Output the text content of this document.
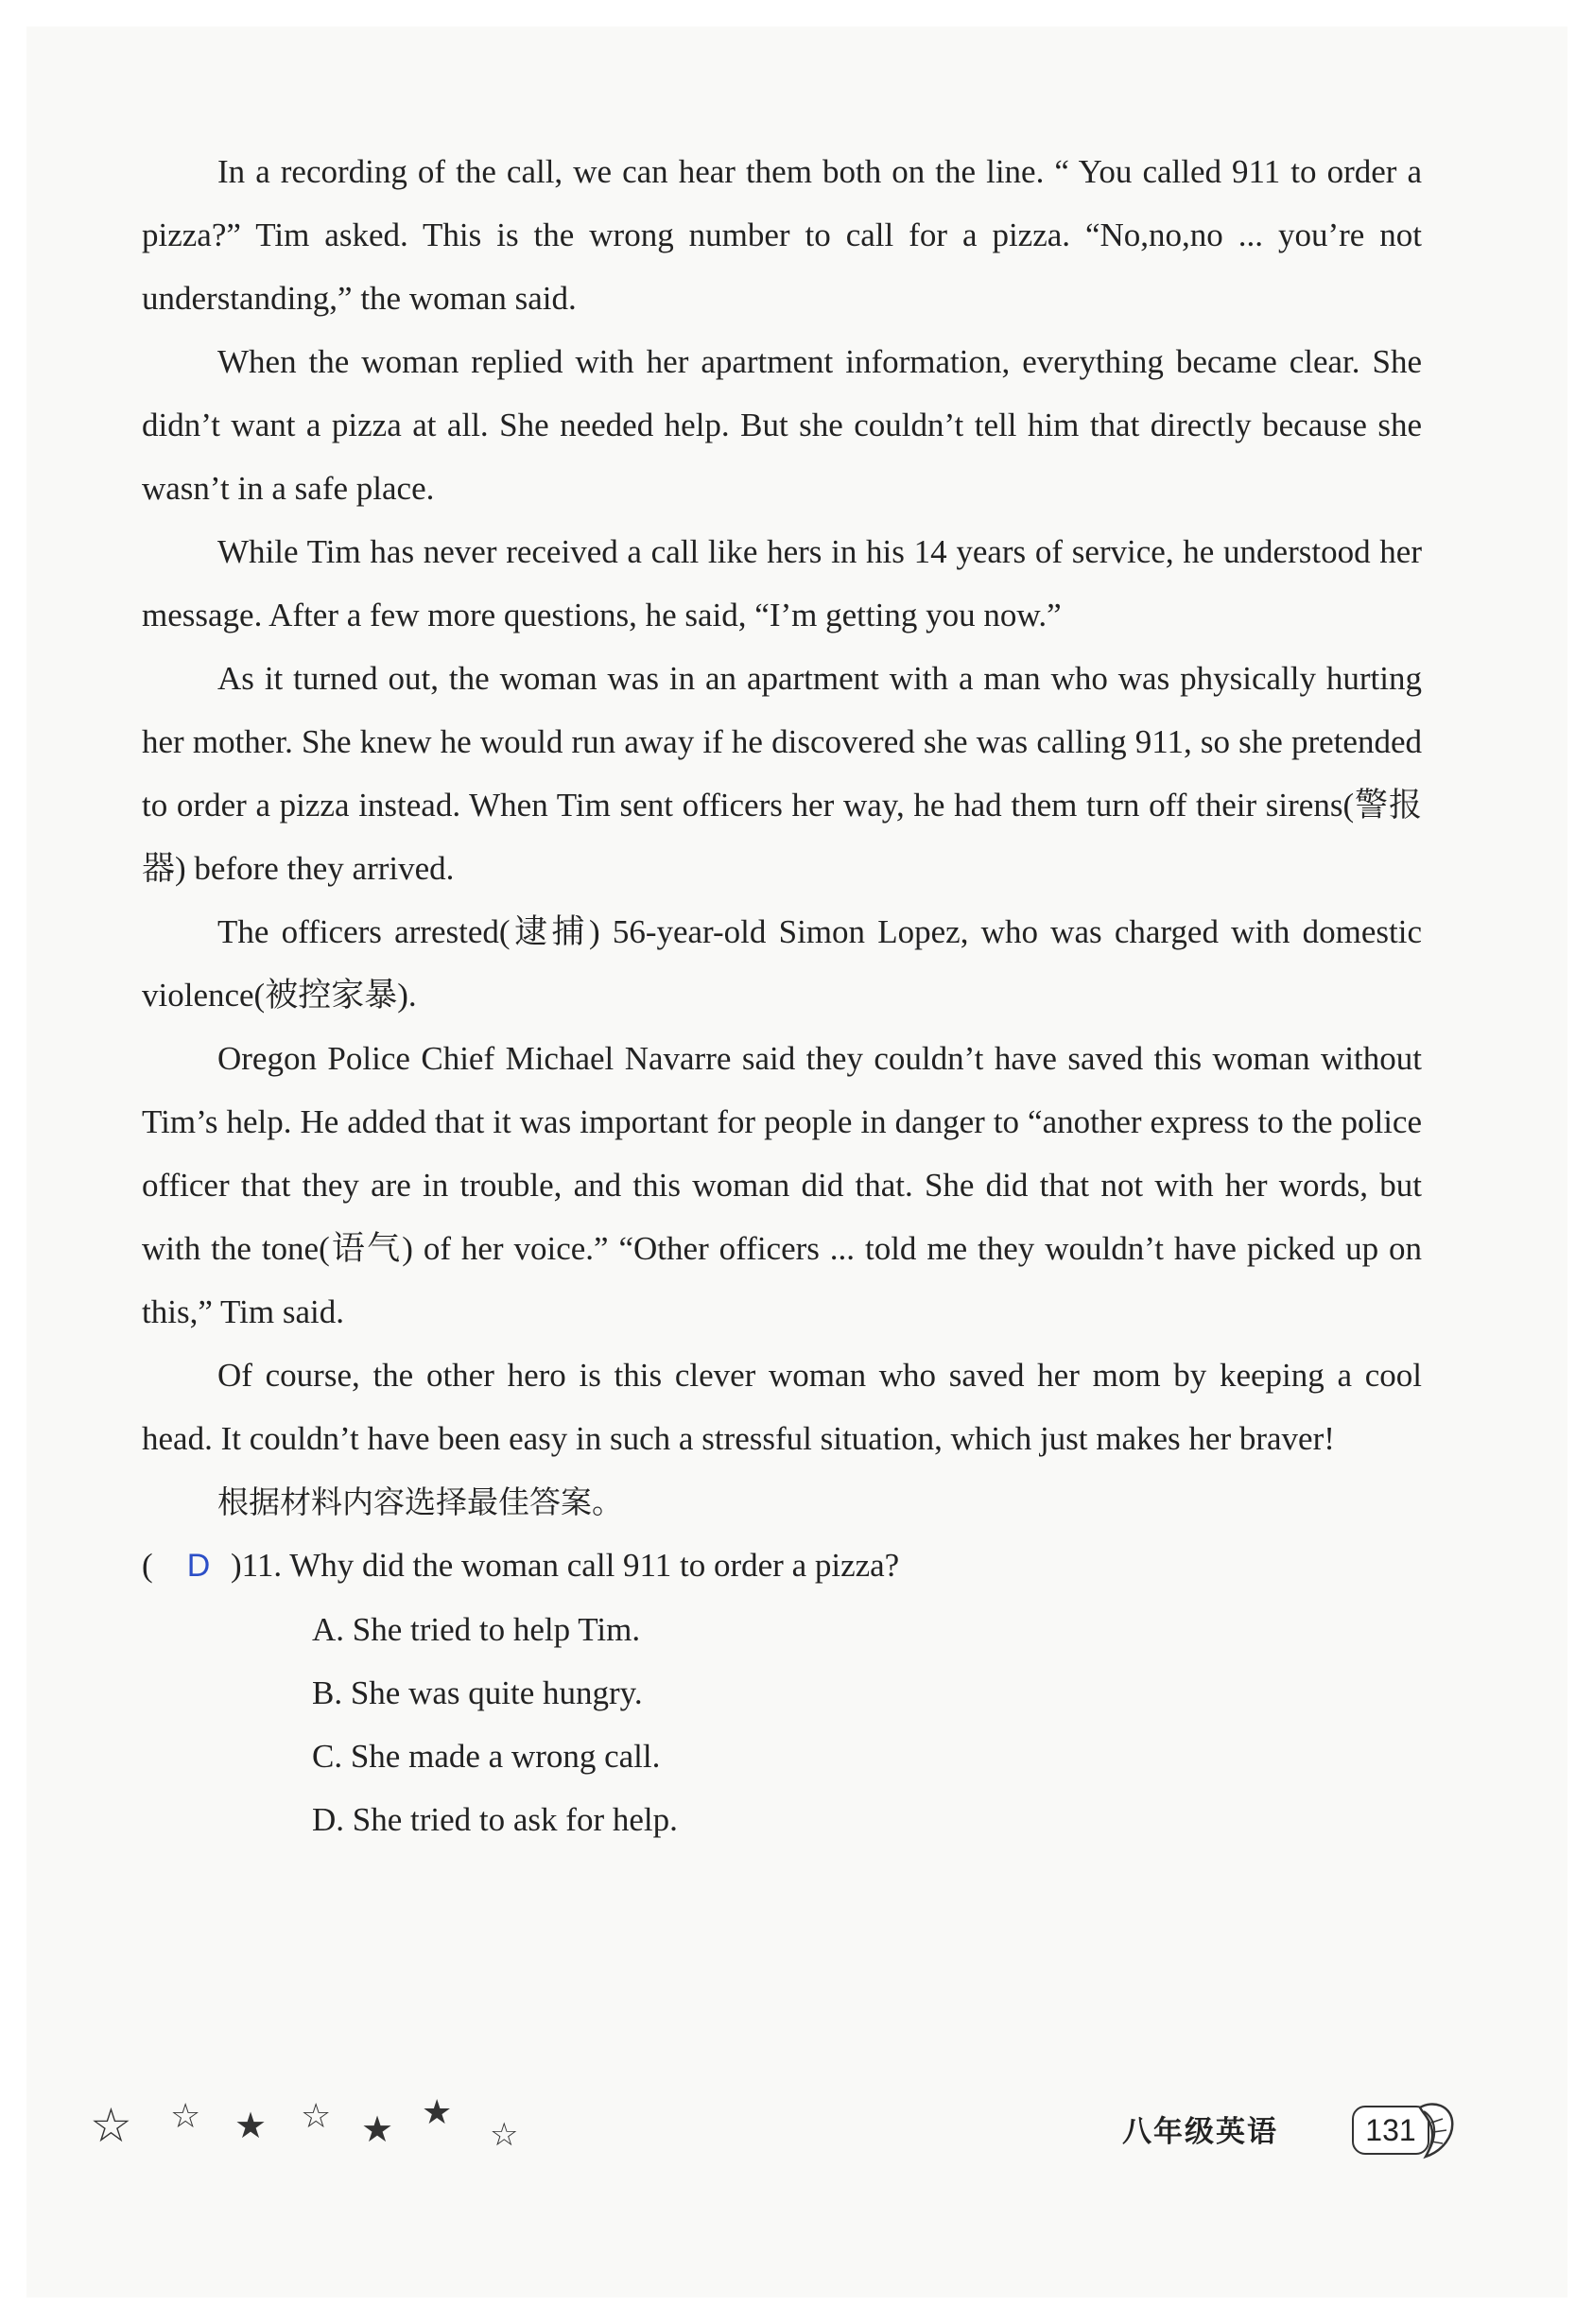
In a recording of the call, we can hear them both on the line. “ You called 911 to order a pizza?” Tim asked. This is the wrong number to call for a pizza. “No,no,no ... you’re not understanding,” the woman said.

When the woman replied with her apartment information, everything became clear. She didn’t want a pizza at all. She needed help. But she couldn’t tell him that directly because she wasn’t in a safe place.

While Tim has never received a call like hers in his 14 years of service, he understood her message. After a few more questions, he said, “I’m getting you now.”

As it turned out, the woman was in an apartment with a man who was physically hurting her mother. She knew he would run away if he discovered she was calling 911, so she pretended to order a pizza instead. When Tim sent officers her way, he had them turn off their sirens(警报器) before they arrived.

The officers arrested(逮捕) 56-year-old Simon Lopez, who was charged with domestic violence(被控家暴).

Oregon Police Chief Michael Navarre said they couldn’t have saved this woman without Tim’s help. He added that it was important for people in danger to “another express to the police officer that they are in trouble, and this woman did that. She did that not with her words, but with the tone(语气) of her voice.” “Other officers ... told me they wouldn’t have picked up on this,” Tim said.

Of course, the other hero is this clever woman who saved her mom by keeping a cool head. It couldn’t have been easy in such a stressful situation, which just makes her braver!

根据材料内容选择最佳答案。

( D )11. Why did the woman call 911 to order a pizza?

A. She tried to help Tim.

B. She was quite hungry.

C. She made a wrong call.

D. She tried to ask for help.

☆ ☆ ★ ☆ ★ ★
☆	八年级英语	131
